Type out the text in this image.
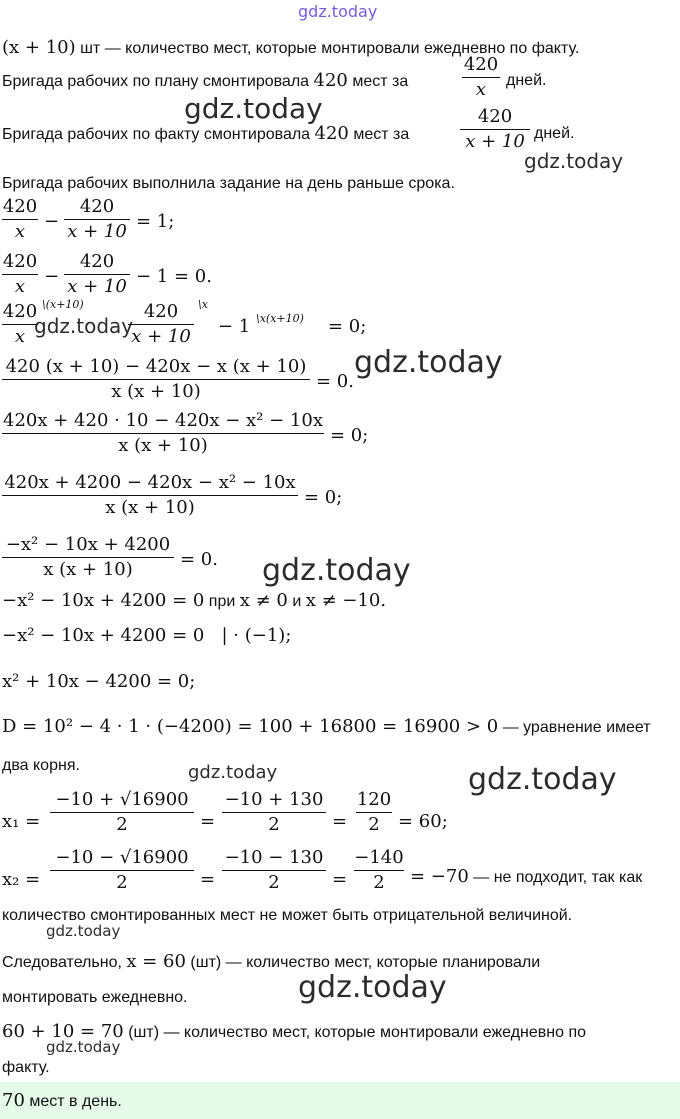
gdz.today
(x + 10) шт — количество мест, которые монтировали ежедневно по факту.
Бригада рабочих по плану смонтировала 420 мест за
420
x	дней.
Бригада рабочих по факту смонтировала 420 мест за
420
x + 10 дней.
Бригада рабочих выполнила задание на день раньше срока.
420
x	−
420
x + 10 = 1;
420
x	−
420
x + 10 − 1 = 0.
420
x
\(x+10)	420
x + 10
\x
− 1 \x(x+10) = 0;
420 (x + 10) − 420x − x (x + 10)
x (x + 10)	= 0.
420x + 420 · 10 − 420x − x² − 10x
x (x + 10)	= 0;
420x + 4200 − 420x − x² − 10x
x (x + 10)	= 0;
−x² − 10x + 4200
x (x + 10)	= 0.
−x² − 10x + 4200 = 0 при x ≠ 0 и x ≠ −10.
−x² − 10x + 4200 = 0   | · (−1);
x² + 10x − 4200 = 0;
D = 10² − 4 · 1 · (−4200) = 100 + 16800 = 16900 > 0 — уравнение имеет
два корня.
x₁ =
−10 + √16900
2	=
−10 + 130
2	=
120
2	= 60;
x₂ =
−10 − √16900
2	=
−10 − 130
2	=
−140
2	= −70 — не подходит, так как
количество смонтированных мест не может быть отрицательной величиной.
Следовательно, x = 60 (шт) — количество мест, которые планировали
монтировать ежедневно.
60 + 10 = 70 (шт) — количество мест, которые монтировали ежедневно по
факту.
70 мест в день.
gdz.today
gdz.today
gdz.today
gdz.today
gdz.today
gdz.today	gdz.today
gdz.today
gdz.today
gdz.today
